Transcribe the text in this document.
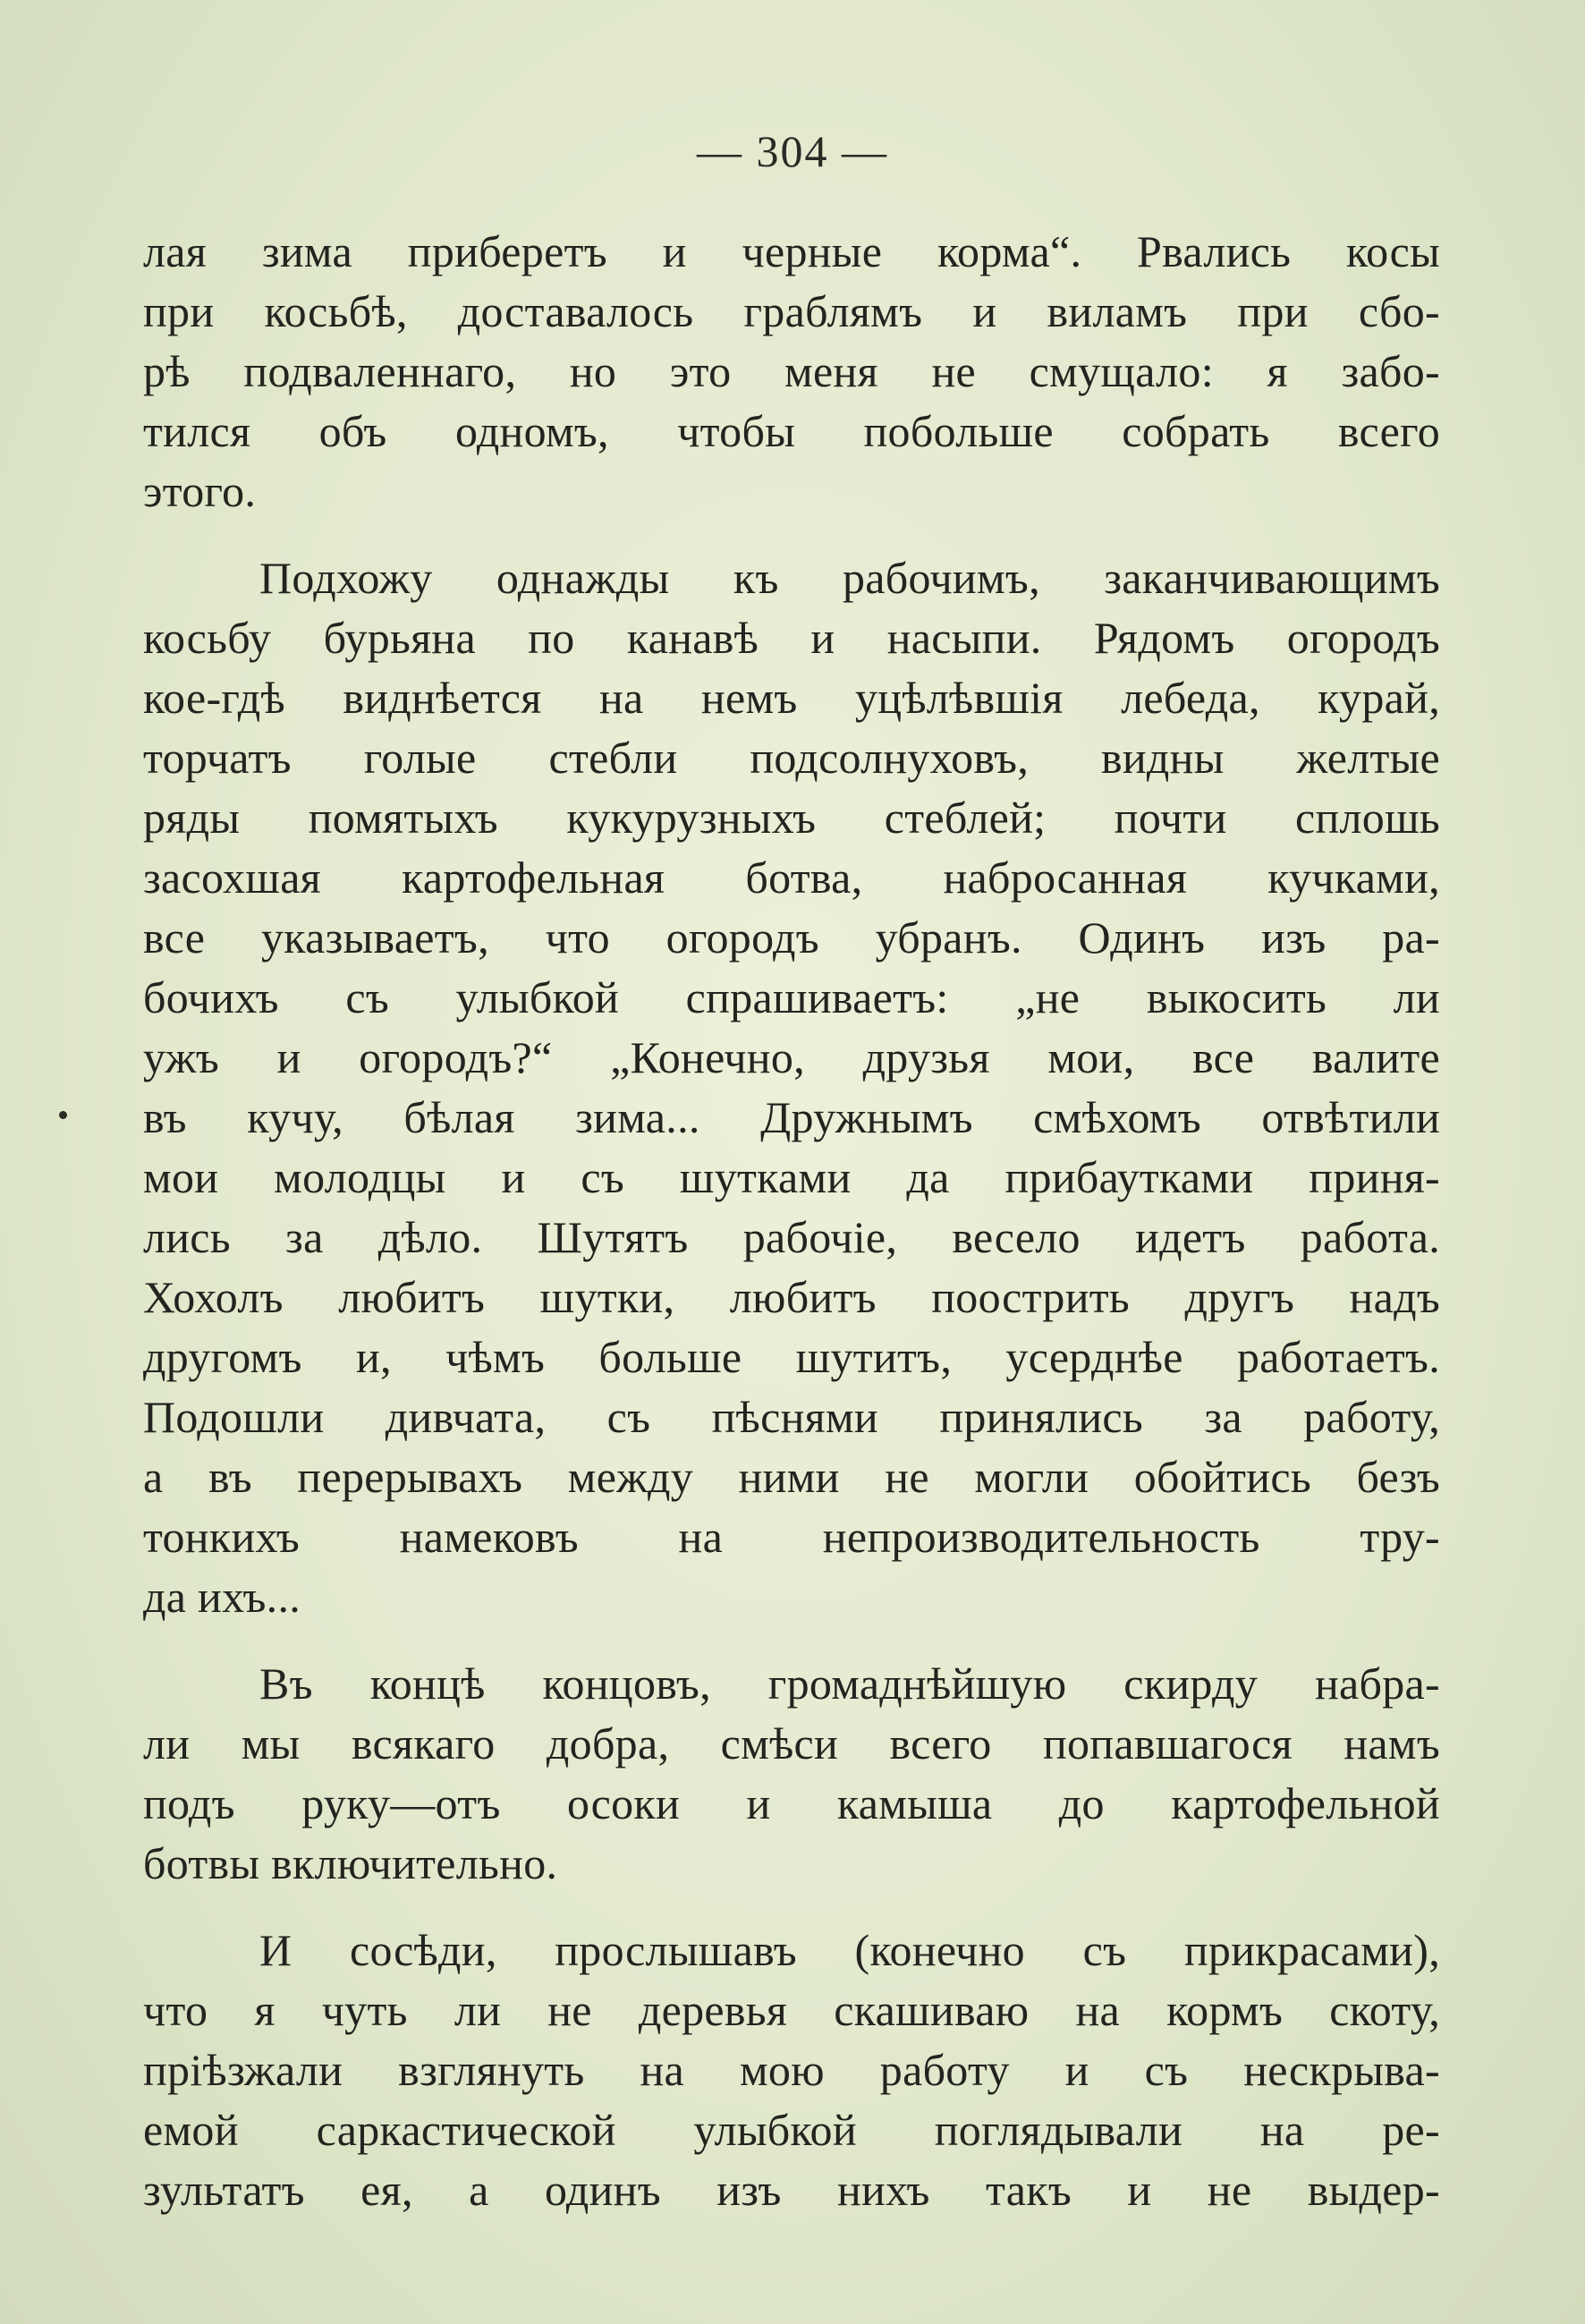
— 304 —
лая зима приберетъ и черные корма“. Рвались косы
при косьбѣ, доставалось граблямъ и виламъ при сбо-
рѣ подваленнаго, но это меня не смущало: я забо-
тился объ одномъ, чтобы побольше собрать всего
этого.
Подхожу однажды къ рабочимъ, заканчивающимъ
косьбу бурьяна по канавѣ и насыпи. Рядомъ огородъ
кое-гдѣ виднѣется на немъ уцѣлѣвшія лебеда, курай,
торчатъ голые стебли подсолнуховъ, видны желтые
ряды помятыхъ кукурузныхъ стеблей; почти сплошь
засохшая картофельная ботва, набросанная кучками,
все указываетъ, что огородъ убранъ. Одинъ изъ ра-
бочихъ съ улыбкой спрашиваетъ: „не выкосить ли
ужъ и огородъ?“ „Конечно, друзья мои, все валите
въ кучу, бѣлая зима... Дружнымъ смѣхомъ отвѣтили
мои молодцы и съ шутками да прибаутками приня-
лись за дѣло. Шутятъ рабочіе, весело идетъ работа.
Хохолъ любитъ шутки, любитъ поострить другъ надъ
другомъ и, чѣмъ больше шутитъ, усерднѣе работаетъ.
Подошли дивчата, съ пѣснями принялись за работу,
а въ перерывахъ между ними не могли обойтись безъ
тонкихъ намековъ на непроизводительность тру-
да ихъ...
Въ концѣ концовъ, громаднѣйшую скирду набра-
ли мы всякаго добра, смѣси всего попавшагося намъ
подъ руку—отъ осоки и камыша до картофельной
ботвы включительно.
И сосѣди, прослышавъ (конечно съ прикрасами),
что я чуть ли не деревья скашиваю на кормъ скоту,
пріѣзжали взглянуть на мою работу и съ нескрыва-
емой саркастической улыбкой поглядывали на ре-
зультатъ ея, а одинъ изъ нихъ такъ и не выдер-
